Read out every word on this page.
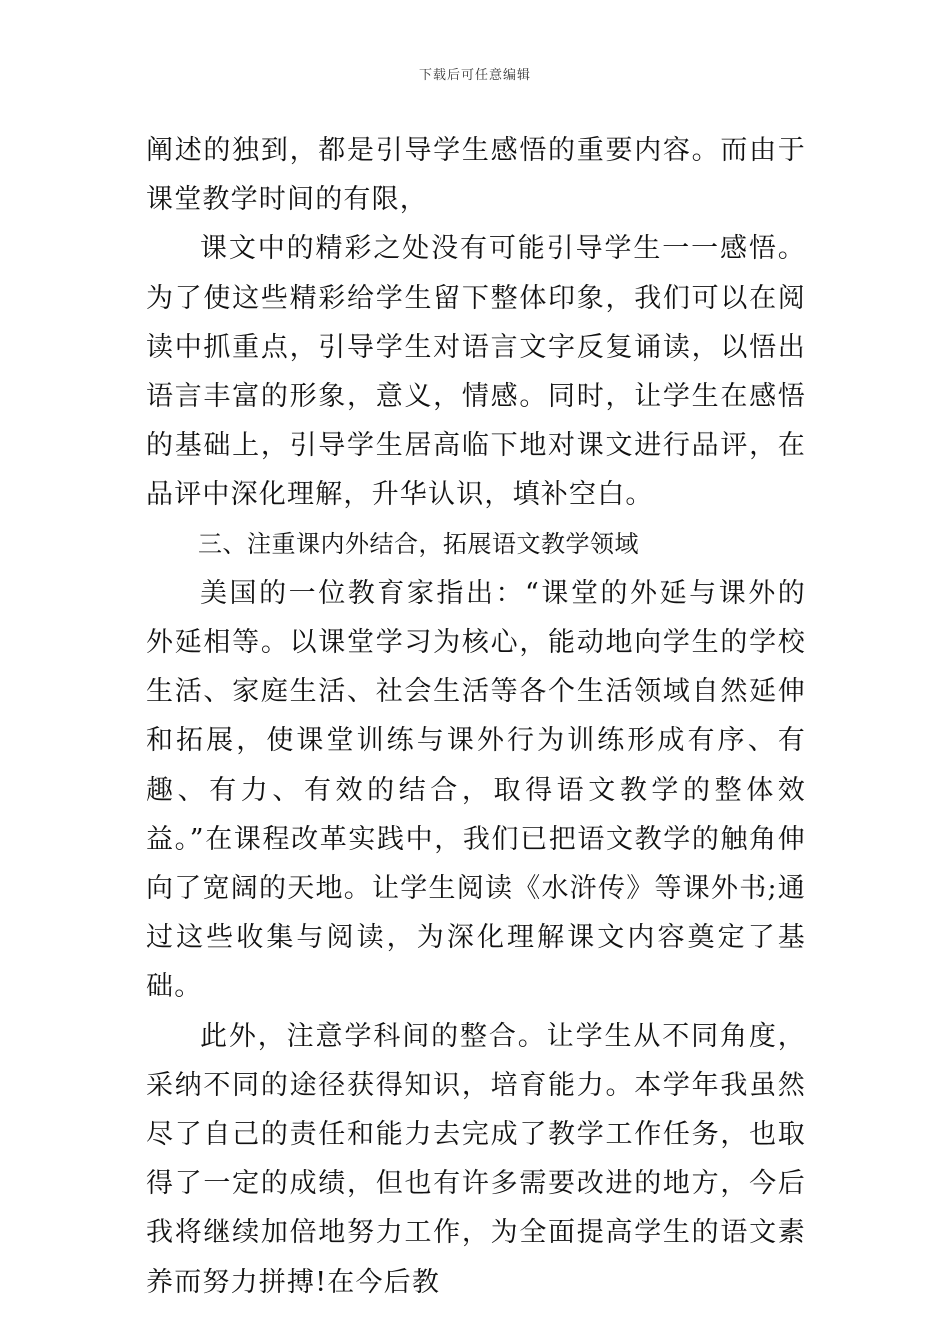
下载后可任意编辑

阐述的独到，都是引导学生感悟的重要内容。而由于课堂教学时间的有限，

课文中的精彩之处没有可能引导学生一一感悟。为了使这些精彩给学生留下整体印象，我们可以在阅读中抓重点，引导学生对语言文字反复诵读，以悟出语言丰富的形象，意义，情感。同时，让学生在感悟的基础上，引导学生居高临下地对课文进行品评，在品评中深化理解，升华认识，填补空白。

三、注重课内外结合，拓展语文教学领域

美国的一位教育家指出：“课堂的外延与课外的外延相等。以课堂学习为核心，能动地向学生的学校生活、家庭生活、社会生活等各个生活领域自然延伸和拓展，使课堂训练与课外行为训练形成有序、有趣、有力、有效的结合，取得语文教学的整体效益。”在课程改革实践中，我们已把语文教学的触角伸向了宽阔的天地。让学生阅读《水浒传》等课外书;通过这些收集与阅读，为深化理解课文内容奠定了基础。

此外，注意学科间的整合。让学生从不同角度，采纳不同的途径获得知识，培育能力。本学年我虽然尽了自己的责任和能力去完成了教学工作任务，也取得了一定的成绩，但也有许多需要改进的地方，今后我将继续加倍地努力工作，为全面提高学生的语文素养而努力拼搏!在今后教
